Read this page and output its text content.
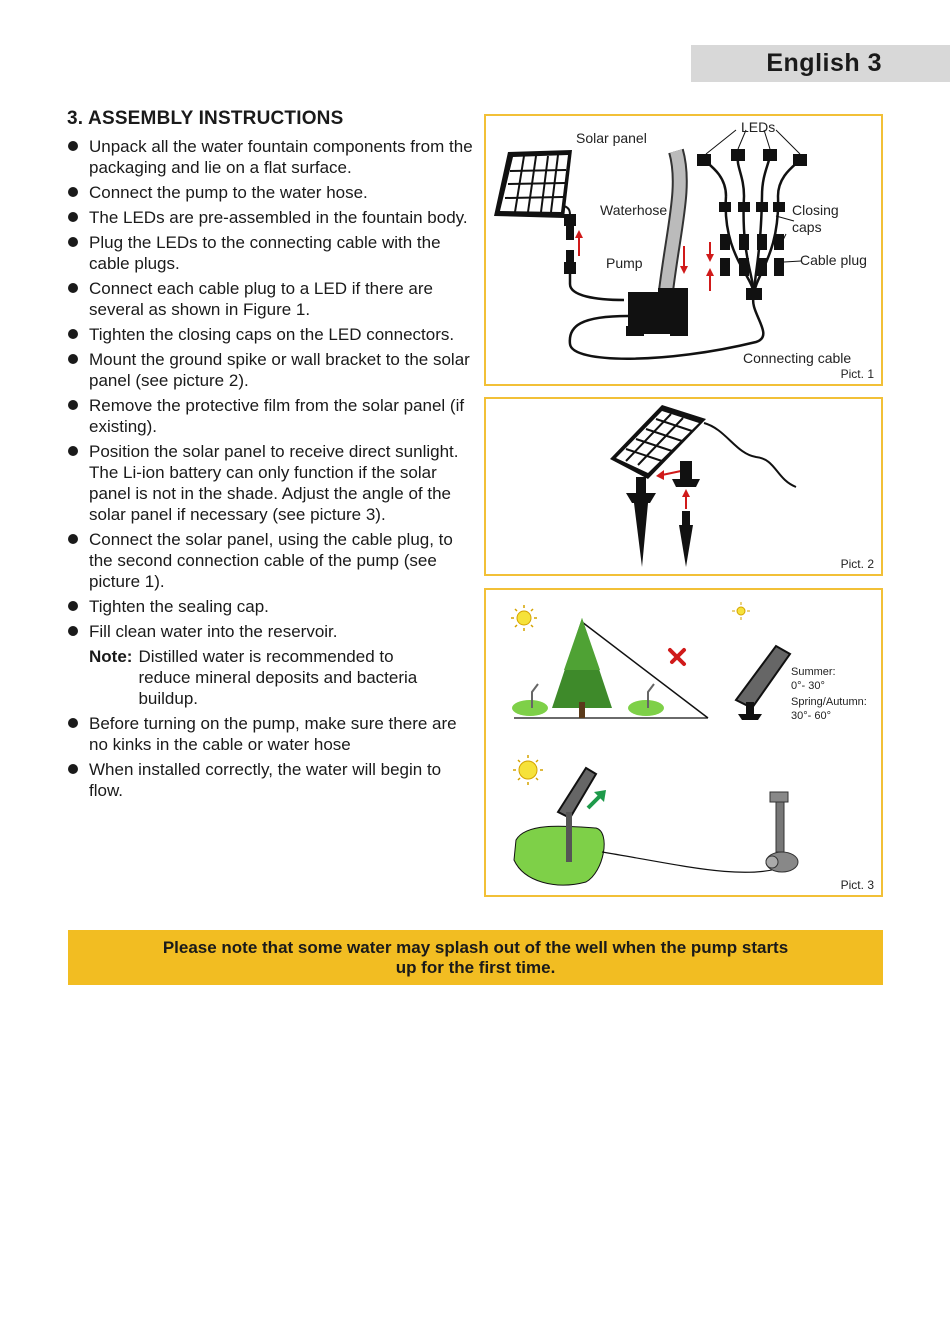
English 3
3. ASSEMBLY INSTRUCTIONS
Unpack all the water fountain components from the packaging and lie on a flat surface.
Connect the pump to the water hose.
The LEDs are pre-assembled in the fountain body.
Plug the LEDs to the connecting cable with the cable plugs.
Connect each cable plug to a LED if there are several as shown in Figure 1.
Tighten the closing caps on the LED connectors.
Mount the ground spike or wall bracket to the solar panel (see picture 2).
Remove the protective film from the solar panel (if existing).
Position the solar panel to receive direct sunlight. The Li-ion battery can only function if the solar panel is not in the shade. Adjust the angle of the solar panel if necessary (see picture 3).
Connect the solar panel, using the cable plug, to the second connection cable of the pump (see picture 1).
Tighten the sealing cap.
Fill clean water into the reservoir.
Note: Distilled water is recommended to reduce mineral deposits and bacteria buildup.
Before turning on the pump, make sure there are no kinks in the cable or water hose
When installed correctly, the water will begin to flow.
Solar panel
LEDs
Waterhose	Closing
caps
Pump	Cable plug
Connecting cable
Pict. 1
Pict. 2
Summer:
0°- 30°
Spring/Autumn:
30°- 60°
Pict. 3
Please note that some water may splash out of the well when the pump starts up for the first time.
